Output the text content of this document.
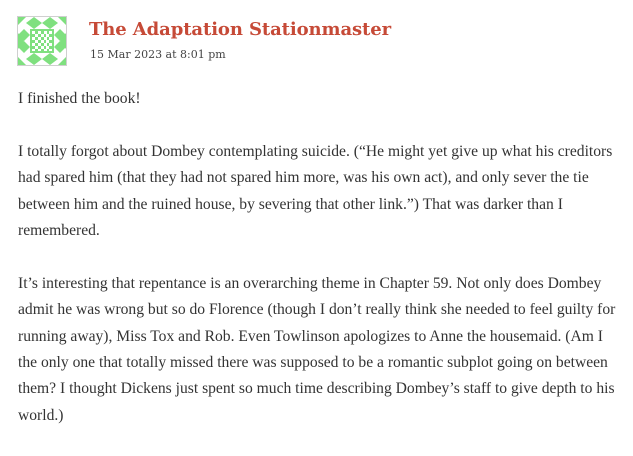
The Adaptation Stationmaster
15 Mar 2023 at 8:01 pm

I finished the book!

I totally forgot about Dombey contemplating suicide. (“He might yet give up what his creditors had spared him (that they had not spared him more, was his own act), and only sever the tie between him and the ruined house, by severing that other link.”) That was darker than I remembered.

It’s interesting that repentance is an overarching theme in Chapter 59. Not only does Dombey admit he was wrong but so do Florence (though I don’t really think she needed to feel guilty for running away), Miss Tox and Rob. Even Towlinson apologizes to Anne the housemaid. (Am I the only one that totally missed there was supposed to be a romantic subplot going on between them? I thought Dickens just spent so much time describing Dombey’s staff to give depth to his world.)
